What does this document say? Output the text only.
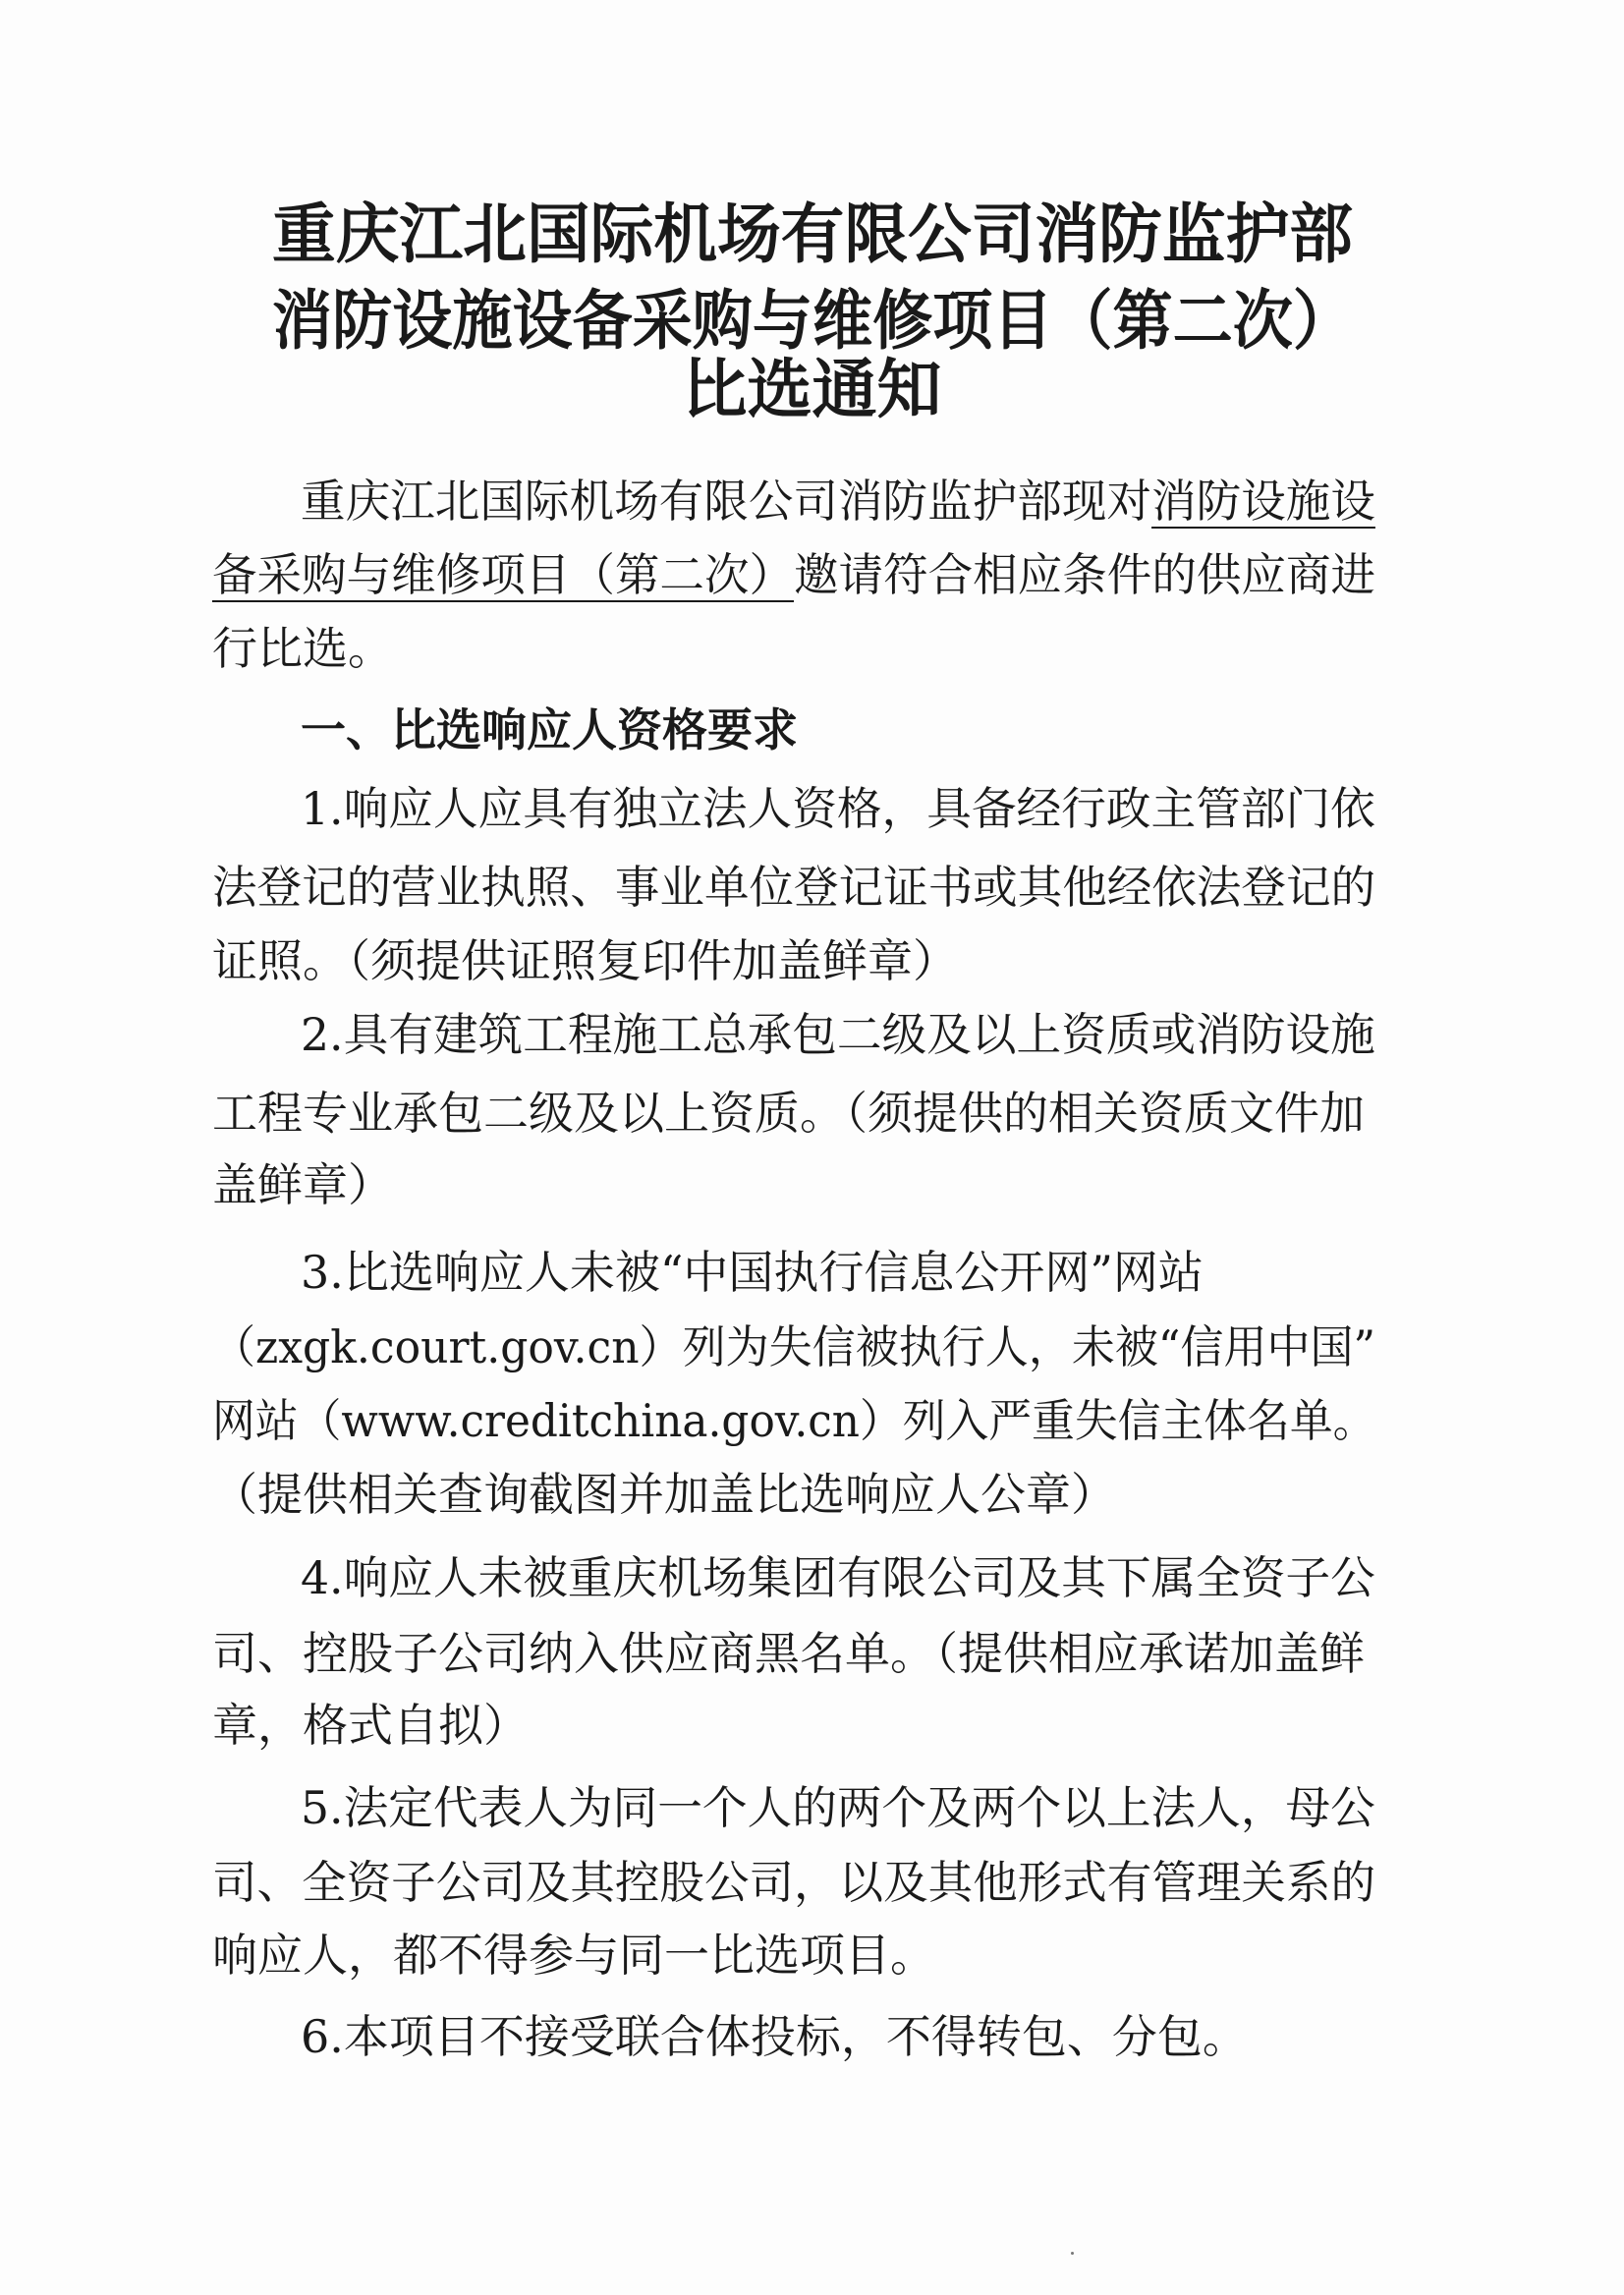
重庆江北国际机场有限公司消防监护部
消防设施设备采购与维修项目（第二次）
比选通知
重庆江北国际机场有限公司消防监护部现对消防设施设
备采购与维修项目（第二次）邀请符合相应条件的供应商进
行比选。
一、比选响应人资格要求
1.响应人应具有独立法人资格，具备经行政主管部门依
法登记的营业执照、事业单位登记证书或其他经依法登记的
证照。（须提供证照复印件加盖鲜章）
2.具有建筑工程施工总承包二级及以上资质或消防设施
工程专业承包二级及以上资质。（须提供的相关资质文件加
盖鲜章）
3.比选响应人未被“中国执行信息公开网”网站
（zxgk.court.gov.cn）列为失信被执行人，未被“信用中国”
网站（www.creditchina.gov.cn）列入严重失信主体名单。
（提供相关查询截图并加盖比选响应人公章）
4.响应人未被重庆机场集团有限公司及其下属全资子公
司、控股子公司纳入供应商黑名单。（提供相应承诺加盖鲜
章，格式自拟）
5.法定代表人为同一个人的两个及两个以上法人，母公
司、全资子公司及其控股公司，以及其他形式有管理关系的
响应人，都不得参与同一比选项目。
6.本项目不接受联合体投标，不得转包、分包。
